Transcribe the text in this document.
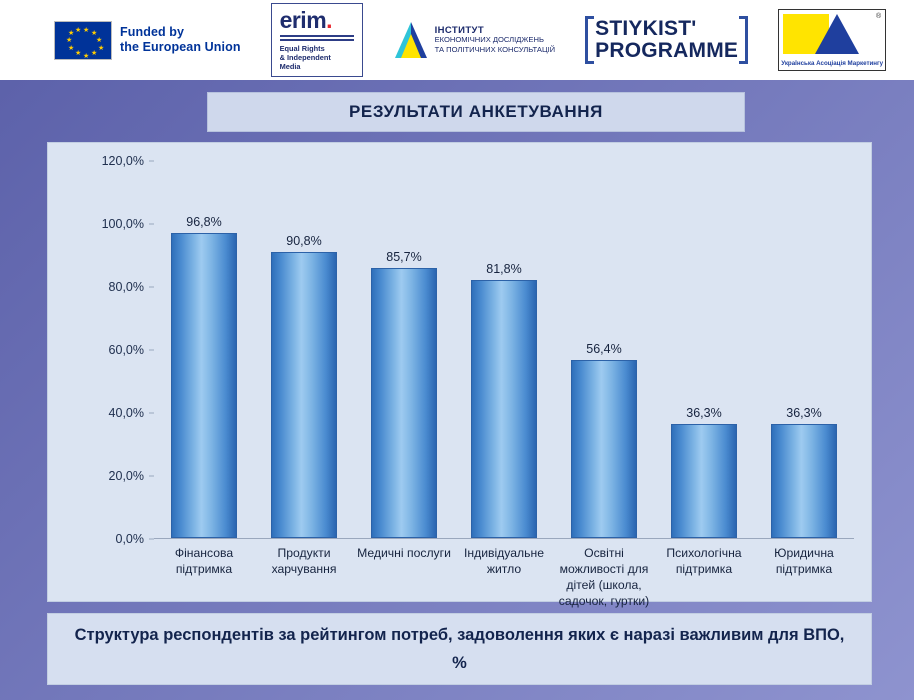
★ ★
★
★
★
★
★
★
★
★ ★	Funded by
the European Union
erim.
Equal Rights
& Independent
Media
ІНСТИТУТ
ЕКОНОМІЧНИХ ДОСЛІДЖЕНЬ
ТА ПОЛІТИЧНИХ КОНСУЛЬТАЦІЙ
STIYKIST'
PROGRAMME
®
Українська Асоціація Маркетингу
РЕЗУЛЬТАТИ АНКЕТУВАННЯ
0,0%
20,0%
40,0%
60,0%
80,0%
100,0%
120,0%
96,8%
90,8%
85,7%
81,8%
56,4%
36,3%	36,3%
Фінансова
підтримка
Продукти
харчування
Медичні послуги	Індивідуальне
житло
Освітні
можливості для
дітей (школа,
садочок, гуртки)
Психологічна
підтримка
Юридична
підтримка
Структура респондентів за рейтингом потреб, задоволення яких є наразі важливим для ВПО, %
